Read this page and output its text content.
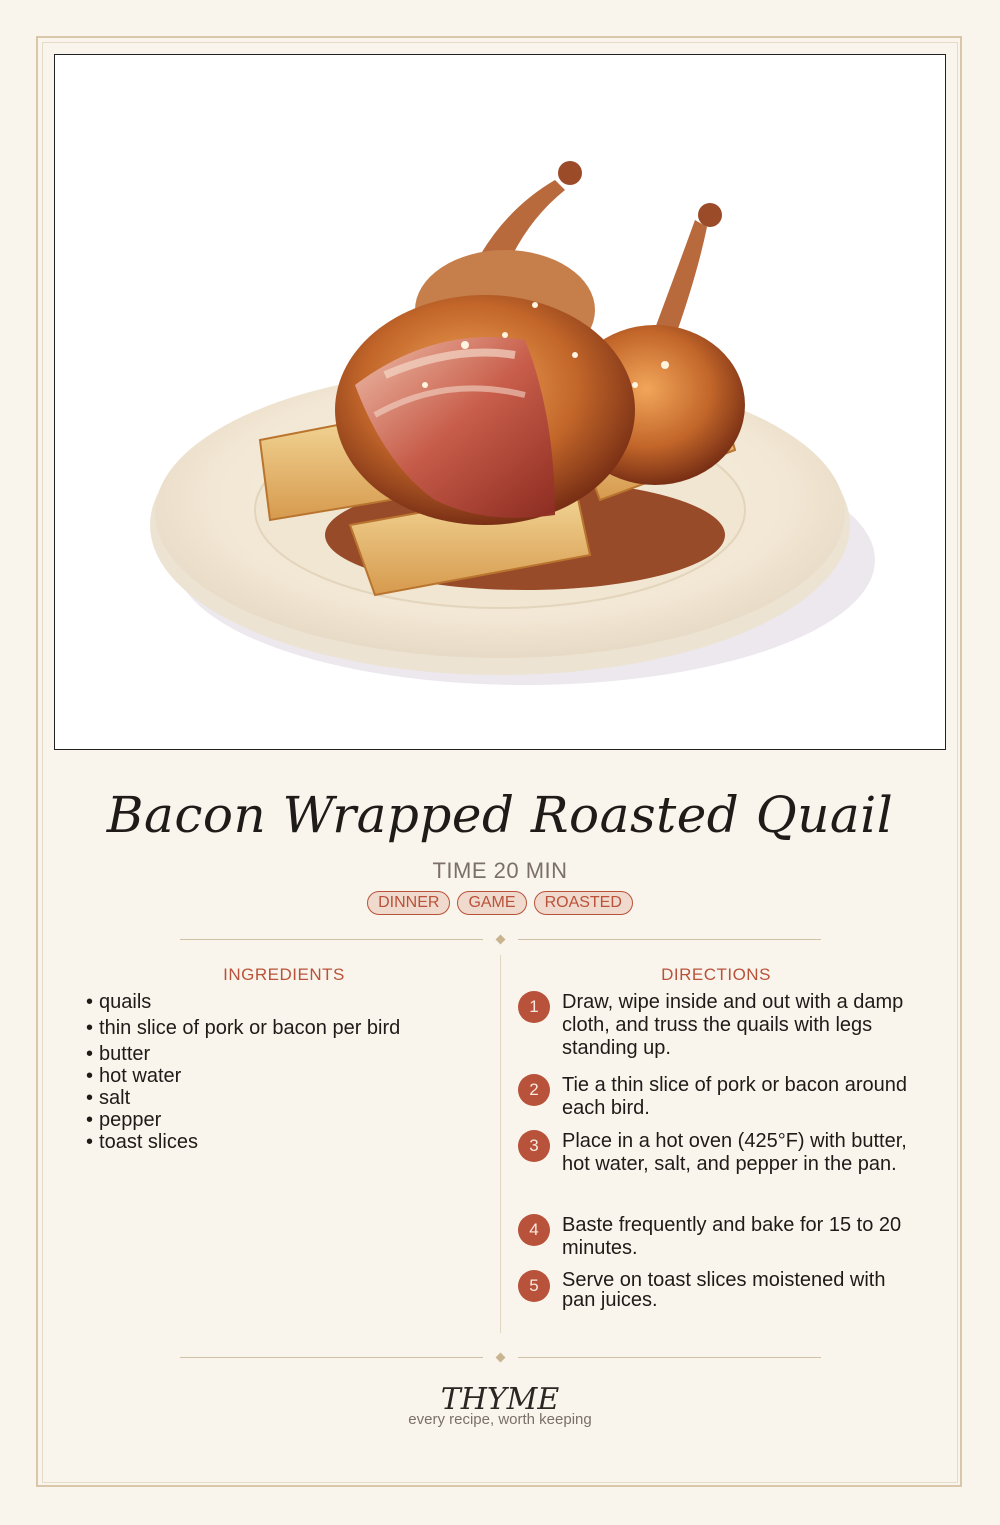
Bacon Wrapped Roasted Quail
TIME 20 MIN
DINNER	GAME	ROASTED
INGREDIENTS	DIRECTIONS
• quails
• thin slice of pork or bacon per bird
• butter
• hot water
• salt
• pepper
• toast slices
1	Draw, wipe inside and out with a damp cloth, and truss the quails with legs standing up.
2	Tie a thin slice of pork or bacon around each bird.
3	Place in a hot oven (425°F) with butter, hot water, salt, and pepper in the pan.
4	Baste frequently and bake for 15 to 20 minutes.
5	Serve on toast slices moistened with pan juices.
THYME
every recipe, worth keeping
